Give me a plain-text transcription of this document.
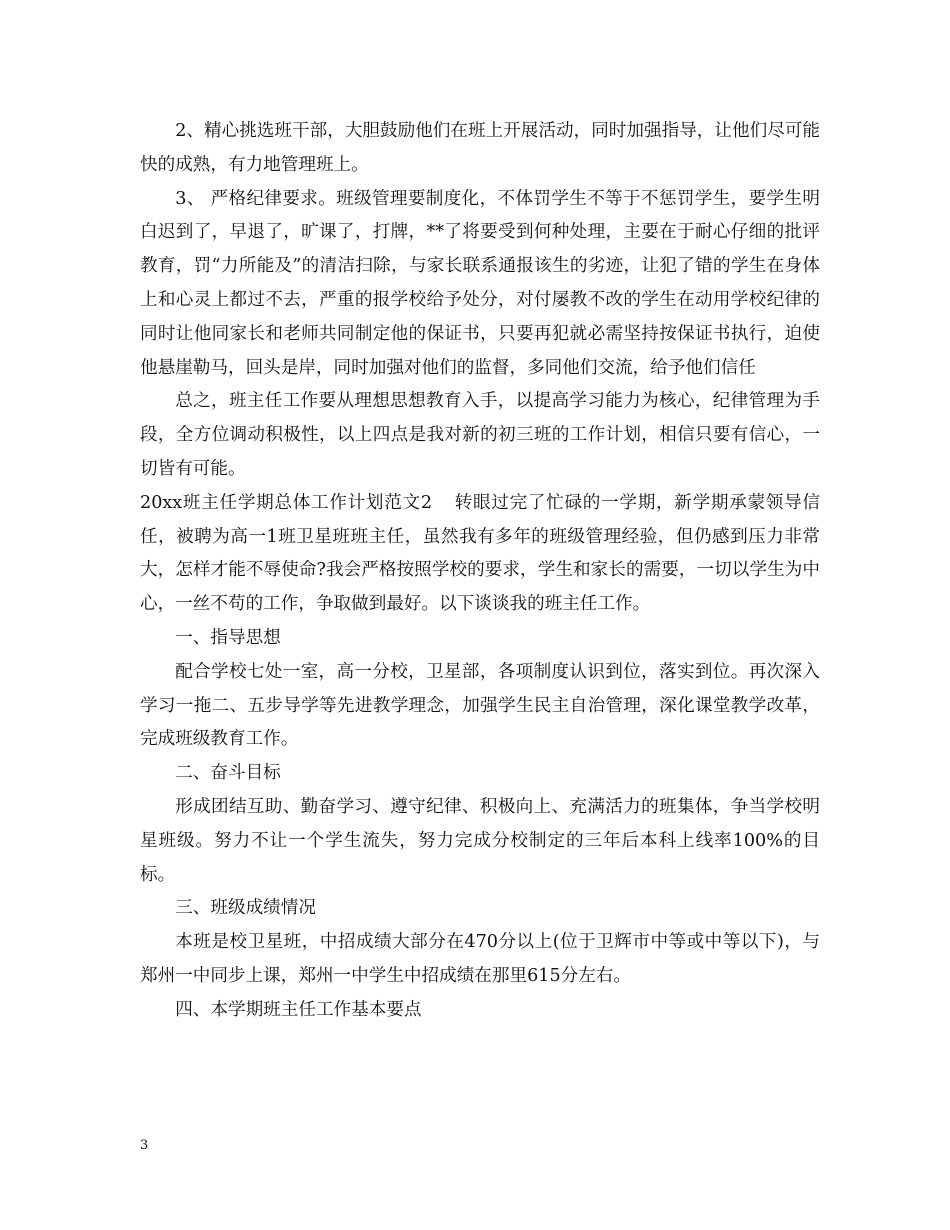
2、精心挑选班干部，大胆鼓励他们在班上开展活动，同时加强指导，让他们尽可能快的成熟，有力地管理班上。

3、 严格纪律要求。班级管理要制度化，不体罚学生不等于不惩罚学生，要学生明白迟到了，早退了，旷课了，打牌，**了将要受到何种处理，主要在于耐心仔细的批评教育，罚“力所能及”的清洁扫除，与家长联系通报该生的劣迹，让犯了错的学生在身体上和心灵上都过不去，严重的报学校给予处分，对付屡教不改的学生在动用学校纪律的同时让他同家长和老师共同制定他的保证书，只要再犯就必需坚持按保证书执行，迫使他悬崖勒马，回头是岸，同时加强对他们的监督，多同他们交流，给予他们信任

总之，班主任工作要从理想思想教育入手，以提高学习能力为核心，纪律管理为手段，全方位调动积极性，以上四点是我对新的初三班的工作计划，相信只要有信心，一切皆有可能。

20xx班主任学期总体工作计划范文2 转眼过完了忙碌的一学期，新学期承蒙领导信任，被聘为高一1班卫星班班主任，虽然我有多年的班级管理经验，但仍感到压力非常大，怎样才能不辱使命?我会严格按照学校的要求，学生和家长的需要，一切以学生为中心，一丝不苟的工作，争取做到最好。以下谈谈我的班主任工作。

一、指导思想

配合学校七处一室，高一分校，卫星部，各项制度认识到位，落实到位。再次深入学习一拖二、五步导学等先进教学理念，加强学生民主自治管理，深化课堂教学改革，完成班级教育工作。

二、奋斗目标

形成团结互助、勤奋学习、遵守纪律、积极向上、充满活力的班集体，争当学校明星班级。努力不让一个学生流失，努力完成分校制定的三年后本科上线率100%的目标。

三、班级成绩情况

本班是校卫星班，中招成绩大部分在470分以上(位于卫辉市中等或中等以下)，与郑州一中同步上课，郑州一中学生中招成绩在那里615分左右。

四、本学期班主任工作基本要点

3
